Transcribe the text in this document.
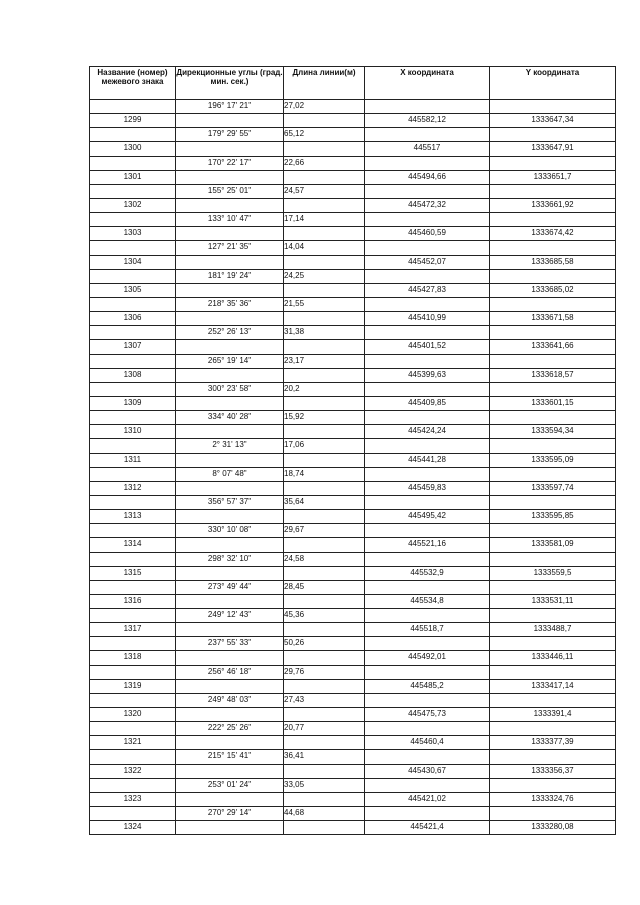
Название (номер) межевого знака	Дирекционные углы (град. мин. сек.)	Длина линии(м)	X координата	Y координата
	196° 17' 21"	27,02		
1299			445582,12	1333647,34
	179° 29' 55"	65,12		
1300			445517	1333647,91
	170° 22' 17"	22,66		
1301			445494,66	1333651,7
	155° 25' 01"	24,57		
1302			445472,32	1333661,92
	133° 10' 47"	17,14		
1303			445460,59	1333674,42
	127° 21' 35"	14,04		
1304			445452,07	1333685,58
	181° 19' 24"	24,25		
1305			445427,83	1333685,02
	218° 35' 36"	21,55		
1306			445410,99	1333671,58
	252° 26' 13"	31,38		
1307			445401,52	1333641,66
	265° 19' 14"	23,17		
1308			445399,63	1333618,57
	300° 23' 58"	20,2		
1309			445409,85	1333601,15
	334° 40' 28"	15,92		
1310			445424,24	1333594,34
	2° 31' 13"	17,06		
1311			445441,28	1333595,09
	8° 07' 48"	18,74		
1312			445459,83	1333597,74
	356° 57' 37"	35,64		
1313			445495,42	1333595,85
	330° 10' 08"	29,67		
1314			445521,16	1333581,09
	298° 32' 10"	24,58		
1315			445532,9	1333559,5
	273° 49' 44"	28,45		
1316			445534,8	1333531,11
	249° 12' 43"	45,36		
1317			445518,7	1333488,7
	237° 55' 33"	50,26		
1318			445492,01	1333446,11
	256° 46' 18"	29,76		
1319			445485,2	1333417,14
	249° 48' 03"	27,43		
1320			445475,73	1333391,4
	222° 25' 26"	20,77		
1321			445460,4	1333377,39
	215° 15' 41"	36,41		
1322			445430,67	1333356,37
	253° 01' 24"	33,05		
1323			445421,02	1333324,76
	270° 29' 14"	44,68		
1324			445421,4	1333280,08
